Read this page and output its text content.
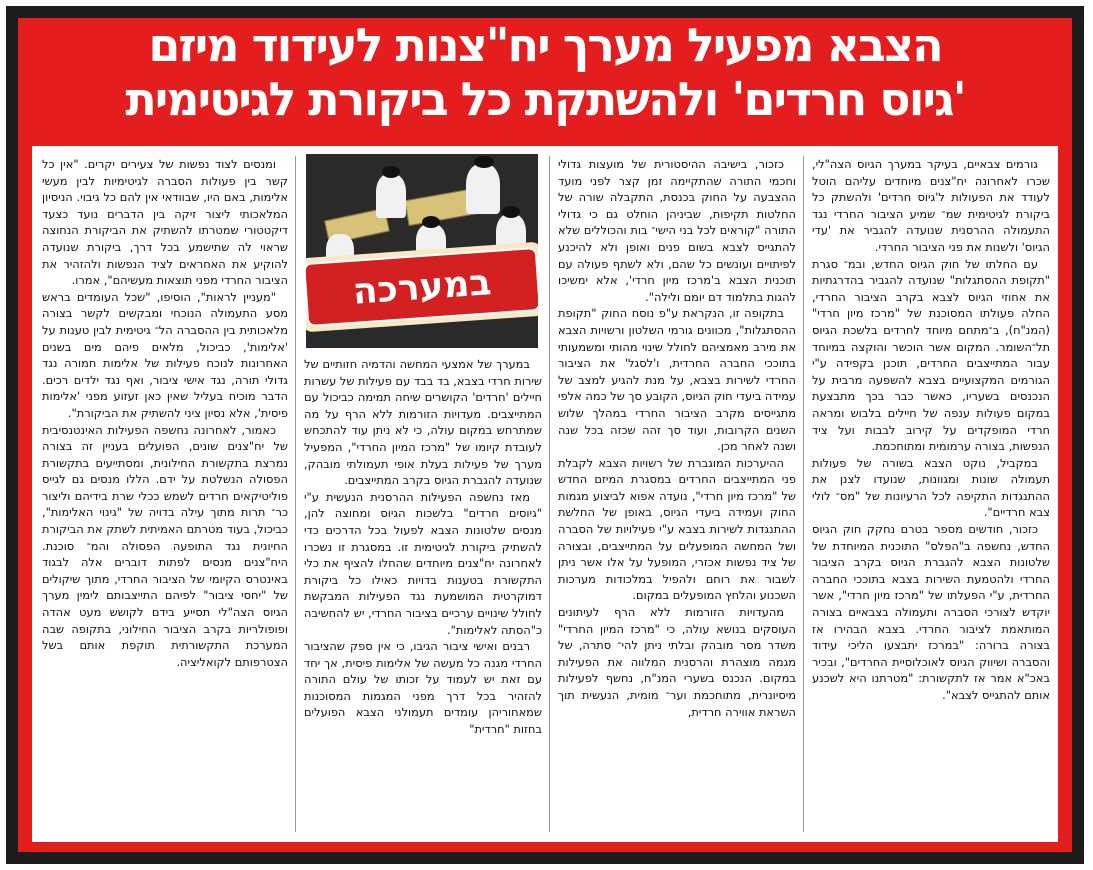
הצבא מפעיל מערך יח"צנות לעידוד מיזם
'גיוס חרדים' ולהשתקת כל ביקורת לגיטימית

גורמים צבאיים, בעיקר במערך הגיוס הצה"לי, שכרו לאחרונה יח"צנים מיוחדים עליהם הוטל לעודד את הפעולות ל'גיוס חרדים' ולהשתק כל ביקורת לגיטימית שמ־ שמיע הציבור החרדי נגד התעמולה ההרסנית שנועדה להגביר את 'עדי הגיוס' ולשנות את פני הציבור החרדי.

עם החלתו של חוק הגיוס החדש, ובמ־ סגרת "תקופת ההסתגלות" שנועדה להגביר בהדרגתיות את אחוזי הגיוס לצבא בקרב הציבור החרדי, החלה פעולתו המסוכנת של "מרכז מיון חרדי" (המנ"ח), ב־מתחם מיוחד לחרדים בלשכת הגיוס תל־השומר. המקום אשר הוכשר והוקצה במיוחד עבור המתייצבים החרדים, תוכנן בקפידה ע"י הגורמים המקצועיים בצבא להשפעה מרבית על הנכנסים בשעריו, כאשר כבר בכך מתבצעת במקום פעולות ענפה של חיילים בלבוש ומראה חרדי המופקדים על קירוב לבבות ועל ציד הנפשות, בצורה ערמומית ומתוחכמת.

במקביל, נוקט הצבא בשורה של פעולות תעמולה שונות ומגוונות, שנועדו לצנן את ההתנגדות התקיפה לכל הרעיונות של "מס־ לולי צבא חרדיים".

כזכור, חודשים מספר בטרם נחקק חוק הגיוס החדש, נחשפה ב"הפלס" התוכנית המיוחדת של שלטונות הצבא להגברת הגיוס בקרב הציבור החרדי ולהטמעת השירות בצבא בתוככי החברה החרדית, ע"י הפעלתו של "מרכז מיון חרדי", אשר יוקדש לצורכי הסברה ותעמולה בצבאיים בצורה המותאמת לציבור החרדי. בצבא הבהירו אז בצורה ברורה: "במרכז יתבצעו הליכי עידוד והסברה ושיווק הגיוס לאוכלוסיית החרדים", ובכיר באכ"א אמר אז לתקשורת: "מטרתנו היא לשכנע אותם להתגייס לצבא".

כזכור, בישיבה ההיסטורית של מועצות גדולי וחכמי התורה שהתקיימה זמן קצר לפני מועד ההצבעה על החוק בכנסת, התקבלה שורה של החלטות תקיפות, שביניהן הוחלט גם כי גדולי התורה "קוראים לכל בני הישי־ בות והכוללים שלא להתגייס לצבא בשום פנים ואופן ולא להיכנע לפיתויים ועונשים כל שהם, ולא לשתף פעולה עם תוכנית הצבא ב'מרכז מיון חרדי', אלא ימשיכו להגות בתלמוד דם יומם ולילה".

בתקופה זו, הנקראת ע"פ נוסח החוק "תקופת ההסתגלות", מכוונים גורמי השלטון ורשויות הצבא את מירב מאמציהם לחולל שינוי מהותי ומשמעותי בתוככי החברה החרדית, ו'לסגל' את הציבור החרדי לשירות בצבא, על מנת להגיע למצב של עמידה ביעדי חוק הגיוס, הקובע סך של כמה אלפי מתגייסים מקרב הציבור החרדי במהלך שלוש השנים הקרובות, ועוד סך זהה שכזה בכל שנה ושנה לאחר מכן.

ההיערכות המוגברת של רשויות הצבא לקבלת פני המתייצבים החרדים במסגרת המיזם החדש של "מרכז מיון חרדי", נועדה אפוא לביצוע מגמות החוק ועמידה ביעדי הגיוס, באופן של החלשת ההתנגדות לשירות בצבא ע"י פעילויות של הסברה ושל המחשה המופעלים על המתייצבים, ובצורה של ציד נפשות אכזרי, המופעל על אלו אשר ניתן לשבור את רוחם ולהפיל במלכודות מערכות השכנוע והלחץ המופעלים במקום.

מהעדויות הזורמות ללא הרף לעיתונים העוסקים בנושא עולה, כי "מרכז המיון החרדי" משדר מסר מובהק ובלתי ניתן להי־ סתרה, של מגמה מוצהרת והרסנית המלווה את הפעילות במקום. הנכנס בשערי המנ"ח, נחשף לפעילות מיסיונרית, מתוחכמת וער־ מומית, הנעשית תוך השראת אווירה חרדית,

במערכה

במערך של אמצעי המחשה והדמיה חזותיים של שירות חרדי בצבא, בד בבד עם פעילות של עשרות חיילים 'חרדים' הקושרים שיחה תמימה כביכול עם המתייצבים. מעדויות הזורמות ללא הרף על מה שמתרחש במקום עולה, כי לא ניתן עוד להתכחש לעובדת קיומו של "מרכז המיון החרדי", המפעיל מערך של פעילות בעלת אופי תעמולתי מובהק, שנועדה להגברת הגיוס בקרב המתייצבים.

מאז נחשפה הפעילות ההרסנית הנעשית ע"י "גיוסים חרדים" בלשכות הגיוס ומחוצה להן, מנסים שלטונות הצבא לפעול בכל הדרכים כדי להשתיק ביקורת לגיטימית זו. במסגרת זו נשכרו לאחרונה יח"צנים מיוחדים שהחלו להציף את כלי התקשורת בטענות בדויות כאילו כל ביקורת דמוקרטית המושמעת נגד הפעילות המבקשת לחולל שינויים ערכיים בציבור החרדי, יש להחשיבה כ"הסתה לאלימות".

רבנים ואישי ציבור הגיבו, כי אין ספק שהציבור החרדי מגנה כל מעשה של אלימות פיסית, אך יחד עם זאת יש לעמוד על זכותו של עולם התורה להזהיר בכל דרך מפני המגמות המסוכנות שמאחוריהן עומדים תעמולני הצבא הפועלים בחזות "חרדית"

ומנסים לצוד נפשות של צעירים יקרים. "אין כל קשר בין פעולות הסברה לגיטימיות לבין מעשי אלימות, באם היו, שבוודאי אין להם כל גיבוי. הניסיון המלאכותי ליצור זיקה בין הדברים נועד כצעד דיקטטורי שמטרתו להשתיק את הביקורת הנחוצה שראוי לה שתישמע בכל דרך, ביקורת שנועדה להוקיע את האחראים לציד הנפשות ולהזהיר את הציבור החרדי מפני תוצאות מעשיהם", אמרו.

"מעניין לראות", הוסיפו, "שכל העומדים בראש מסע התעמולה הנוכחי ומבקשים לקשר בצורה מלאכותית בין ההסברה הל־ גיטימית לבין טענות על 'אלימות', כביכול, מלאים פיהם מים בשנים האחרונות לנוכח פעילות של אלימות חמורה נגד גדולי תורה, נגד אישי ציבור, ואף נגד ילדים רכים. הדבר מוכיח בעליל שאין כאן זעזוע מפני 'אלימות פיסית', אלא נסיון ציני להשתיק את הביקורת".

כאמור, לאחרונה נחשפה הפעילות האינטנסיבית של יח"צנים שונים, הפועלים בעניין זה בצורה נמרצת בתקשורת החילונית, ומסתייעים בתקשורת הפסולה הנשלטת על ידם. הללו מנסים גם לגייס פוליטיקאים חרדים לשמש ככלי שרת בידיהם וליצור כר־ תרות מתוך עילה בדויה של "גינוי האלימות", כביכול, בעוד מטרתם האמיתית לשתק את הביקורת החיונית נגד התופעה הפסולה והמ־ סוכנת. היח"צנים מנסים לפתות דוברים אלה לבגוד באינטרס הקיומי של הציבור החרדי, מתוך שיקולים של "יחסי ציבור" לפיהם התייצבותם לימין מערך הגיוס הצה"לי תסייע בידם לקושש מעט אהדה ופופולריות בקרב הציבור החילוני, בתקופה שבה המערכת התקשורתית תוקפת אותם בשל הצטרפותם לקואליציה.
